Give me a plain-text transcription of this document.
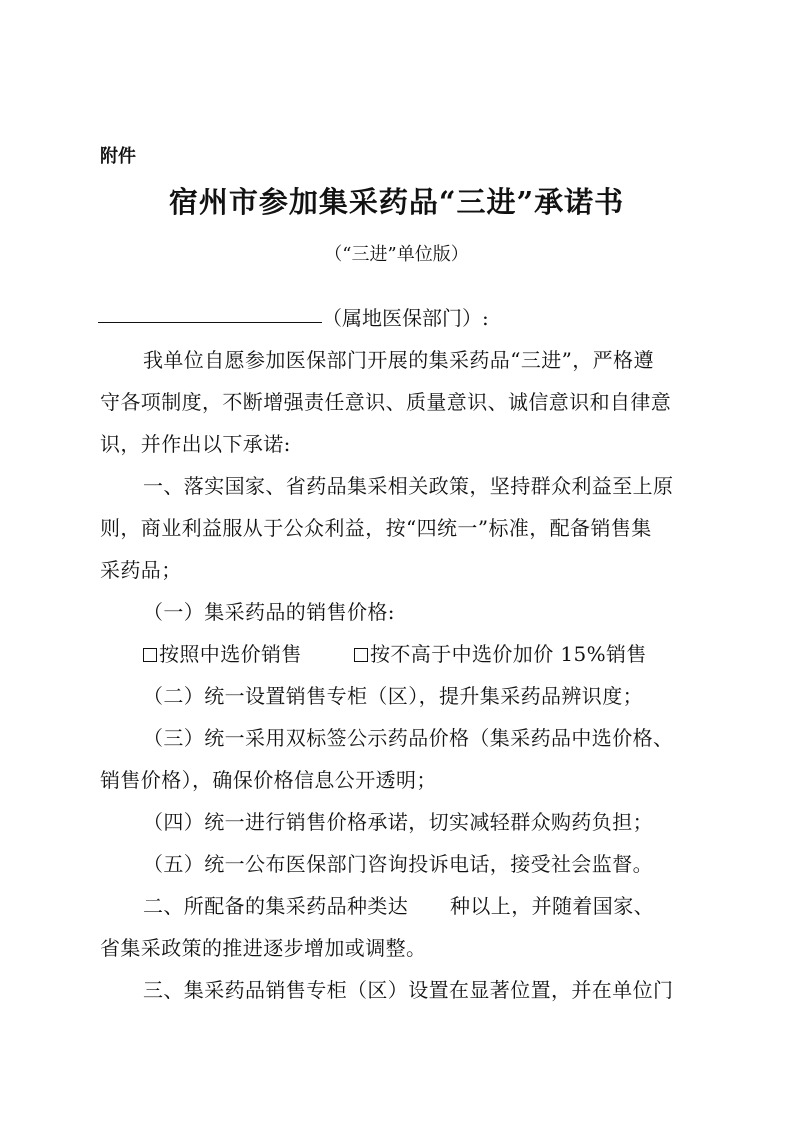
附件
宿州市参加集采药品“三进”承诺书
（“三进”单位版）
（属地医保部门）:
我单位自愿参加医保部门开展的集采药品“三进”，严格遵
守各项制度，不断增强责任意识、质量意识、诚信意识和自律意
识，并作出以下承诺:
一、落实国家、省药品集采相关政策，坚持群众利益至上原
则，商业利益服从于公众利益，按“四统一”标准，配备销售集
采药品；
（一）集采药品的销售价格:
按照中选价销售	按不高于中选价加价 15%销售
（二）统一设置销售专柜（区），提升集采药品辨识度；
（三）统一采用双标签公示药品价格（集采药品中选价格、
销售价格），确保价格信息公开透明；
（四）统一进行销售价格承诺，切实减轻群众购药负担；
（五）统一公布医保部门咨询投诉电话，接受社会监督。
二、所配备的集采药品种类达 种以上，并随着国家、
省集采政策的推进逐步增加或调整。
三、集采药品销售专柜（区）设置在显著位置，并在单位门
